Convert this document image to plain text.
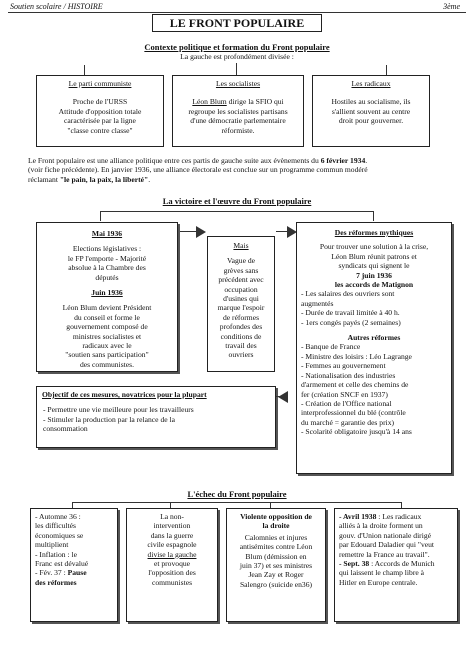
Soutien scolaire / HISTOIRE	3ème
LE FRONT POPULAIRE
Contexte politique et formation du Front populaire
La gauche est profondément divisée :
Le parti communiste
Proche de l'URSS
Attitude d'opposition totale
caractérisée par la ligne
"classe contre classe"
Les socialistes
Léon Blum dirige la SFIO qui
regroupe les socialistes partisans
d'une démocratie parlementaire
réformiste.
Les radicaux
Hostiles au socialisme, ils
s'allient souvent au centre
droit pour gouverner.
Le Front populaire est une alliance politique entre ces partis de gauche suite aux évènements du 6 février 1934.
(voir fiche précédente). En janvier 1936, une alliance électorale est conclue sur un programme commun modéré
réclamant "le pain, la paix, la liberté".
La victoire et l'œuvre du Front populaire
Mai 1936
Elections législatives :
le FP l'emporte - Majorité
absolue à la Chambre des
députés
Juin 1936
Léon Blum devient Président
du conseil et forme le
gouvernement composé de
ministres socialistes et
radicaux avec le
"soutien sans participation"
des communistes.
Mais
Vague de
grèves sans
précédent avec
occupation
d'usines qui
marque l'espoir
de réformes
profondes des
conditions de
travail des
ouvriers
Des réformes mythiques
Pour trouver une solution à la crise,
Léon Blum réunit patrons et
syndicats qui signent le
7 juin 1936
les accords de Matignon
- Les salaires des ouvriers sont
augmentés
- Durée de travail limitée à 40 h.
- 1ers congés payés (2 semaines)
Autres réformes
- Banque de France
- Ministre des loisirs : Léo Lagrange
- Femmes au gouvernement
- Nationalisation des industries
d'armement et celle des chemins de
fer (création SNCF en 1937)
- Création de l'Office national
interprofessionnel du blé (contrôle
du marché = garantie des prix)
- Scolarité obligatoire jusqu'à 14 ans
Objectif de ces mesures, novatrices pour la plupart
- Permettre une vie meilleure pour les travailleurs
- Stimuler la production par la relance de la
consommation
L'échec du Front populaire
- Automne 36 :
les difficultés
économiques se
multiplient
- Inflation : le
Franc est dévalué
- Fév. 37 : Pause
des réformes
La non-
intervention
dans la guerre
civile espagnole
divise la gauche
et provoque
l'opposition des
communistes
Violente opposition de
la droite
Calomnies et injures
antisémites contre Léon
Blum (démission en
juin 37) et ses ministres
Jean Zay et Roger
Salengro (suicide en36)
- Avril 1938 : Les radicaux
alliés à la droite forment un
gouv. d'Union nationale dirigé
par Edouard Daladier qui "veut
remettre la France au travail".
- Sept. 38 : Accords de Munich
qui laissent le champ libre à
Hitler en Europe centrale.
